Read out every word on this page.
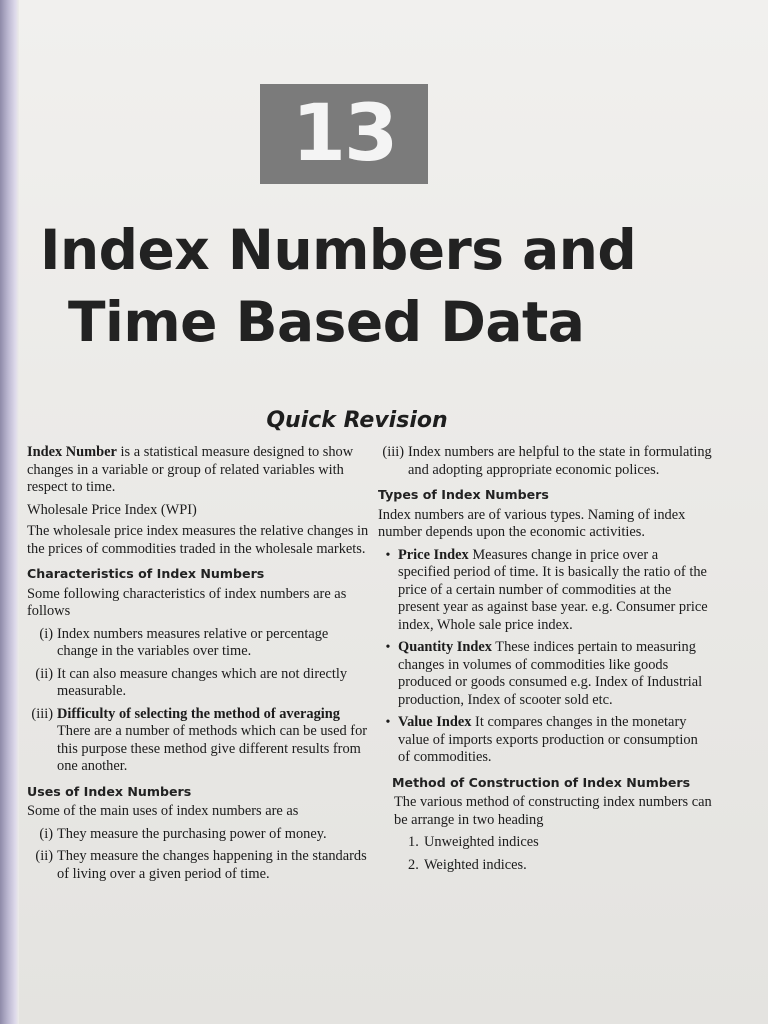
13
Index Numbers and
Time Based Data
Quick Revision

Index Number is a statistical measure designed to show changes in a variable or group of related variables with respect to time.

Wholesale Price Index (WPI)

The wholesale price index measures the relative changes in the prices of commodities traded in the wholesale markets.

Characteristics of Index Numbers

Some following characteristics of index numbers are as follows

(i) Index numbers measures relative or percentage change in the variables over time.
(ii) It can also measure changes which are not directly measurable.
(iii) Difficulty of selecting the method of averaging There are a number of methods which can be used for this purpose these method give different results from one another.

Uses of Index Numbers

Some of the main uses of index numbers are as

(i) They measure the purchasing power of money.
(ii) They measure the changes happening in the standards of living over a given period of time.
(iii) Index numbers are helpful to the state in formulating and adopting appropriate economic polices.

Types of Index Numbers

Index numbers are of various types. Naming of index number depends upon the economic activities.

• Price Index Measures change in price over a specified period of time. It is basically the ratio of the price of a certain number of commodities at the present year as against base year. e.g. Consumer price index, Whole sale price index.
• Quantity Index These indices pertain to measuring changes in volumes of commodities like goods produced or goods consumed e.g. Index of Industrial production, Index of scooter sold etc.
• Value Index It compares changes in the monetary value of imports exports production or consumption of commodities.

Method of Construction of Index Numbers

The various method of constructing index numbers can be arrange in two heading

1. Unweighted indices
2. Weighted indices.
